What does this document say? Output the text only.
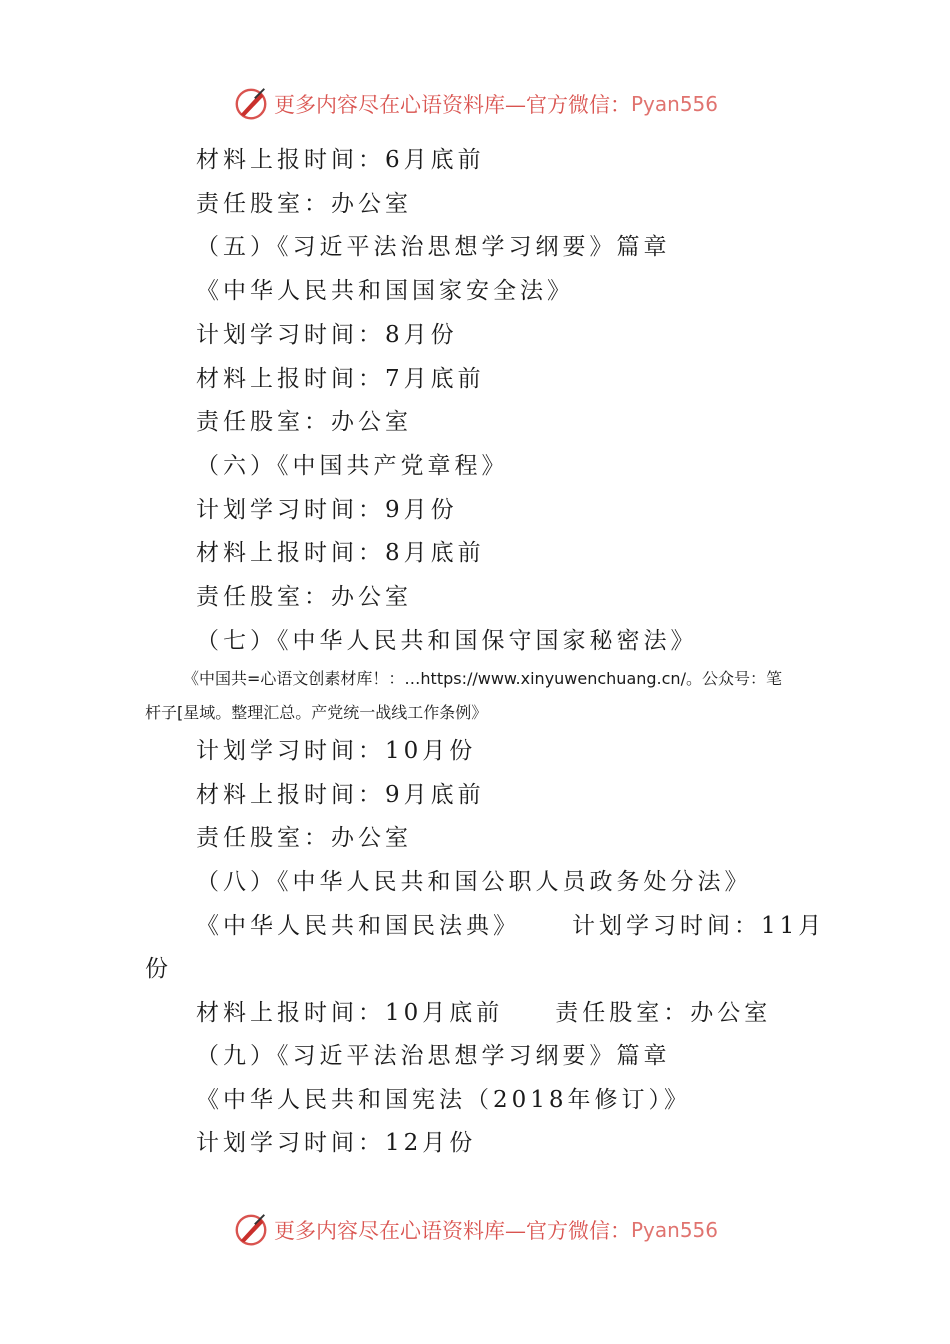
更多内容尽在心语资料库—官方微信： Pyan556
材料上报时间：6月底前
责任股室：办公室
（五）《习近平法治思想学习纲要》篇章
《中华人民共和国国家安全法》
计划学习时间：8月份
材料上报时间：7月底前
责任股室：办公室
（六）《中国共产党章程》
计划学习时间：9月份
材料上报时间：8月底前
责任股室：办公室
（七）《中华人民共和国保守国家秘密法》
《中国共=心语文创素材库！：…https://www.xinyuwenchuang.cn/。公众号：笔
杆子[星域。整理汇总。产党统一战线工作条例》
计划学习时间：10月份
材料上报时间：9月底前
责任股室：办公室
（八）《中华人民共和国公职人员政务处分法》
《中华人民共和国民法典》 计划学习时间：11月
份
材料上报时间：10月底前 责任股室：办公室
（九）《习近平法治思想学习纲要》篇章
《中华人民共和国宪法（2018年修订）》
计划学习时间：12月份
更多内容尽在心语资料库—官方微信： Pyan556
